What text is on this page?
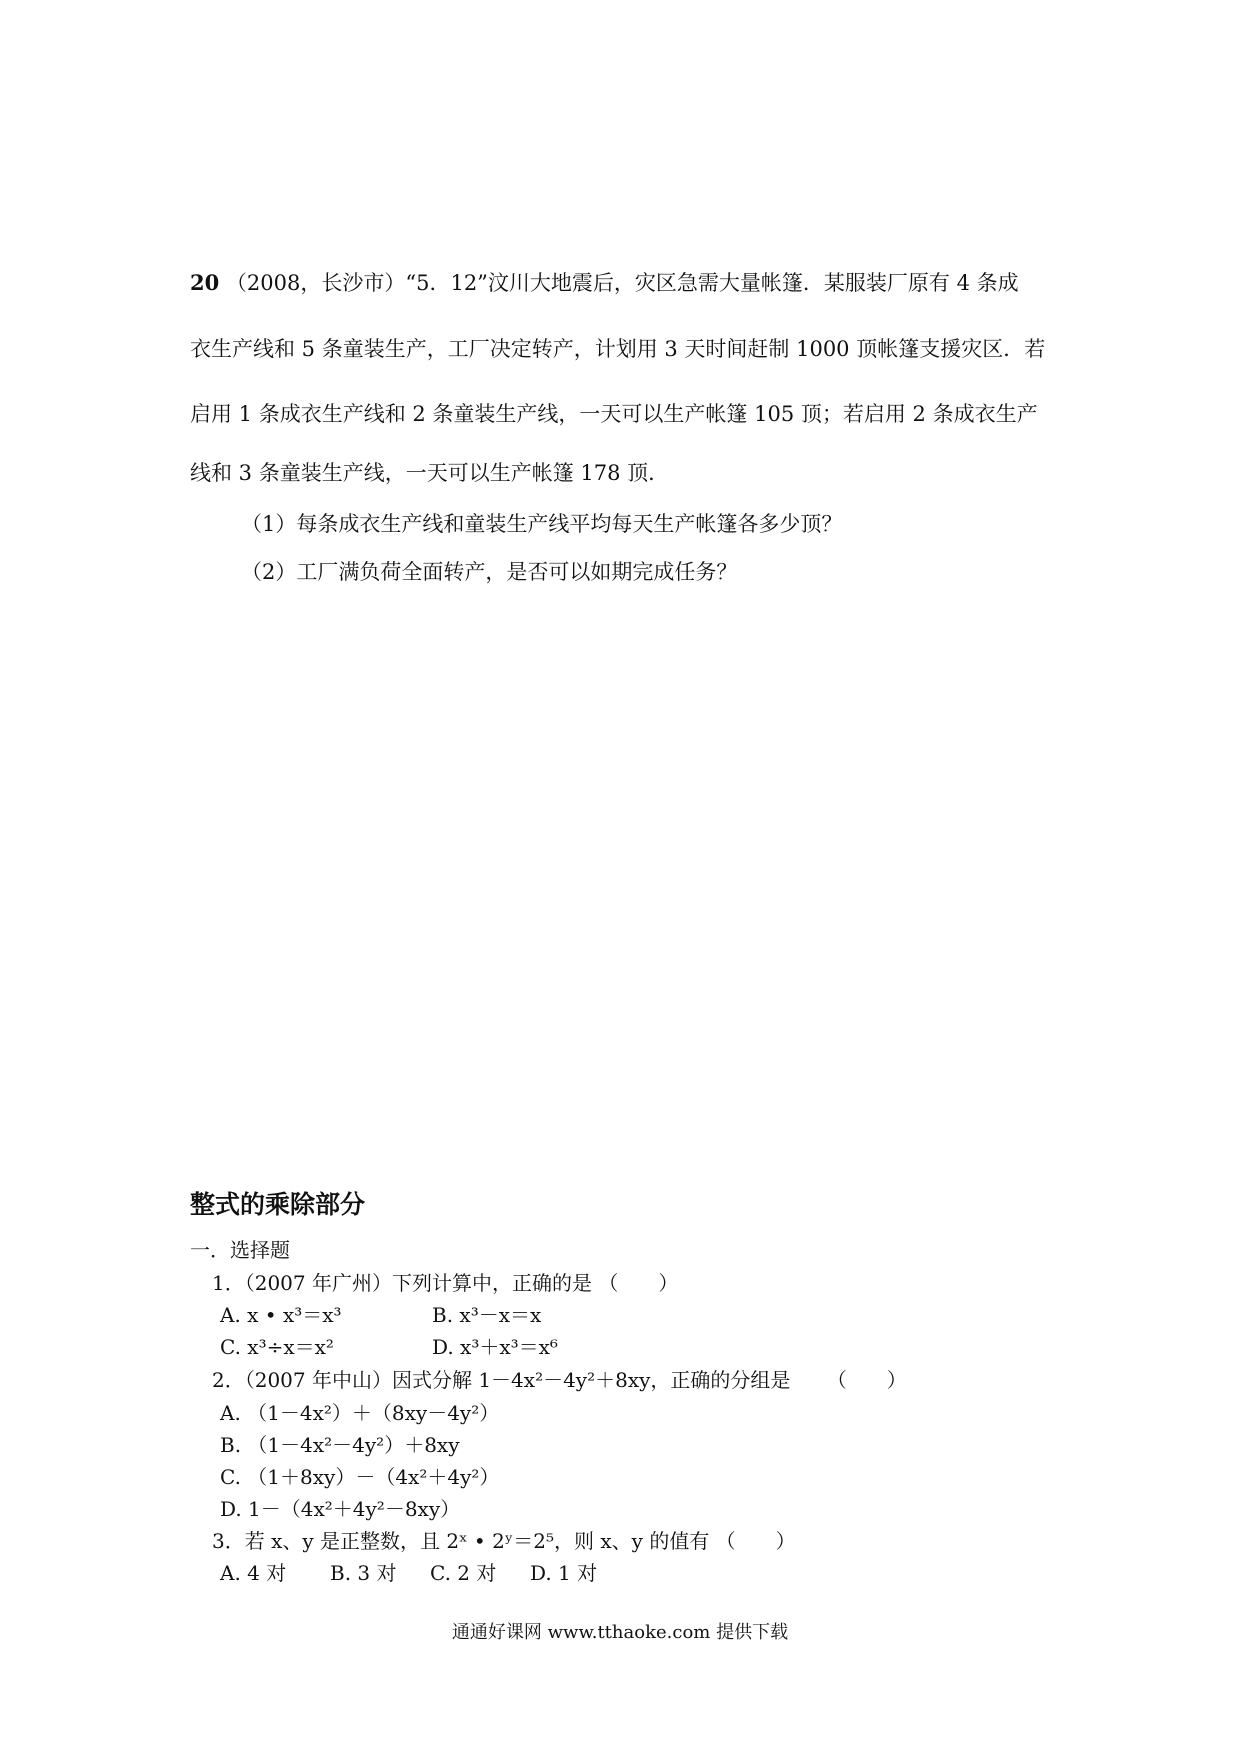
20 （2008，长沙市）“5．12”汶川大地震后，灾区急需大量帐篷．某服装厂原有 4 条成
衣生产线和 5 条童装生产，工厂决定转产，计划用 3 天时间赶制 1000 顶帐篷支援灾区．若
启用 1 条成衣生产线和 2 条童装生产线，一天可以生产帐篷 105 顶；若启用 2 条成衣生产
线和 3 条童装生产线，一天可以生产帐篷 178 顶．
（1）每条成衣生产线和童装生产线平均每天生产帐篷各多少顶？
（2）工厂满负荷全面转产，是否可以如期完成任务？
整式的乘除部分
一．选择题
1．（2007 年广州）下列计算中，正确的是 （　　）
A. x • x³＝x³	B. x³－x＝x
C. x³÷x＝x²	D. x³＋x³＝x⁶
2．（2007 年中山）因式分解 1－4x²－4y²＋8xy，正确的分组是 　　（　　）
A. （1－4x²）＋（8xy－4y²）
B. （1－4x²－4y²）＋8xy
C. （1＋8xy）－（4x²＋4y²）
D. 1－（4x²＋4y²－8xy）
3．若 x、y 是正整数，且 2ˣ • 2ʸ＝2⁵，则 x、y 的值有 （　　）
A. 4 对 B. 3 对 C. 2 对 D. 1 对
通通好课网 www.tthaoke.com 提供下载
